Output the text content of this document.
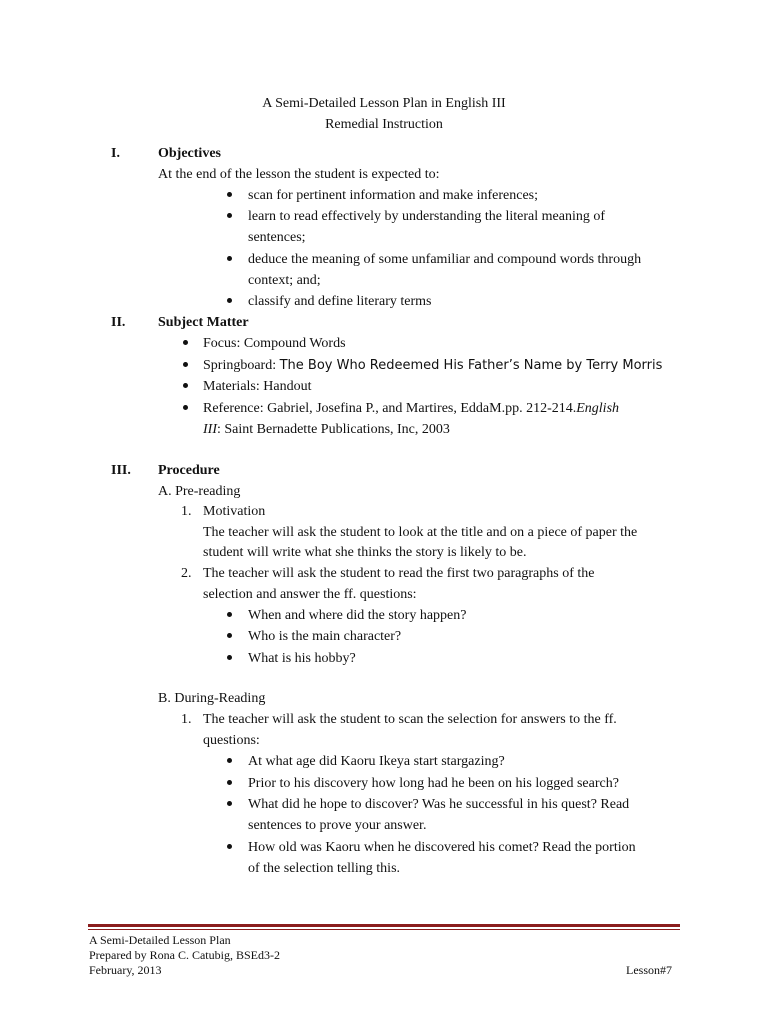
A Semi-Detailed Lesson Plan in English III
Remedial Instruction
I.	Objectives
At the end of the lesson the student is expected to:
scan for pertinent information and make inferences;
learn to read effectively by understanding the literal meaning of
sentences;
deduce the meaning of some unfamiliar and compound words through
context; and;
classify and define literary terms
II. Subject Matter
Focus: Compound Words
Springboard: The Boy Who Redeemed His Father’s Name by Terry Morris
Materials: Handout
Reference: Gabriel, Josefina P., and Martires, EddaM.pp. 212-214.English
III: Saint Bernadette Publications, Inc, 2003
III. Procedure
A. Pre-reading
1. Motivation
The teacher will ask the student to look at the title and on a piece of paper the
student will write what she thinks the story is likely to be.
2. The teacher will ask the student to read the first two paragraphs of the
selection and answer the ff. questions:
When and where did the story happen?
Who is the main character?
What is his hobby?
B. During-Reading
1. The teacher will ask the student to scan the selection for answers to the ff.
questions:
At what age did Kaoru Ikeya start stargazing?
Prior to his discovery how long had he been on his logged search?
What did he hope to discover? Was he successful in his quest? Read
sentences to prove your answer.
How old was Kaoru when he discovered his comet? Read the portion
of the selection telling this.
A Semi-Detailed Lesson Plan
Prepared by Rona C. Catubig, BSEd3-2
February, 2013	Lesson#7
